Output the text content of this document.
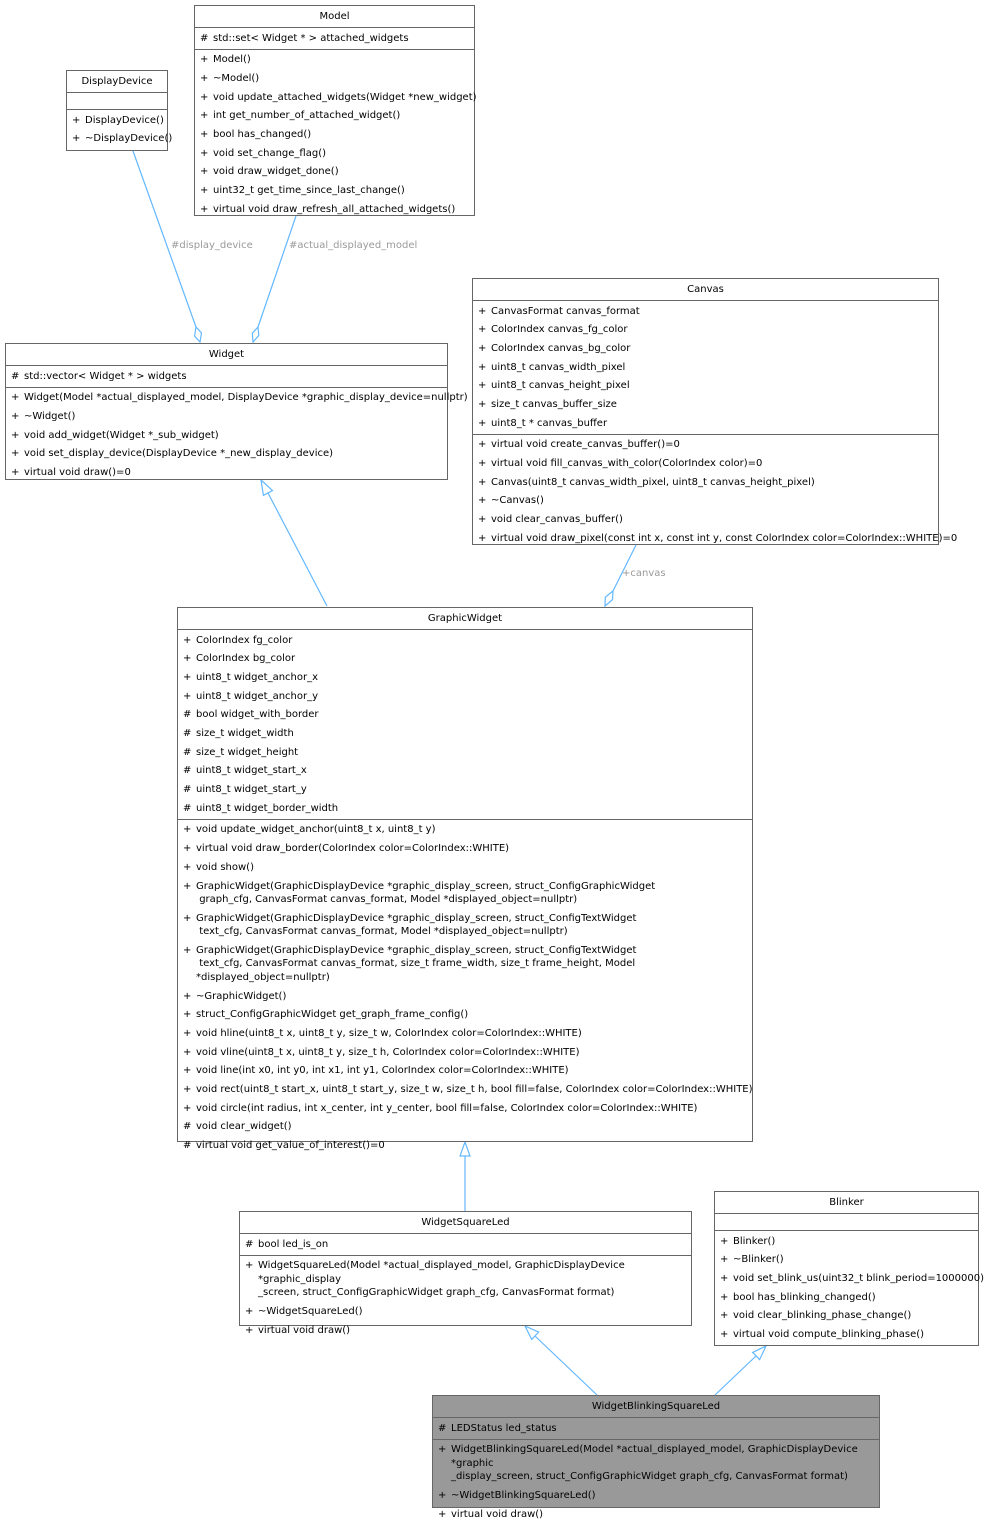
#display_device	#actual_displayed_model
+canvas
DisplayDevice
+ DisplayDevice()
+ ~DisplayDevice()
Model
# std::set< Widget * > attached_widgets
+ Model()
+ ~Model()
+ void update_attached_widgets(Widget *new_widget)
+ int get_number_of_attached_widget()
+ bool has_changed()
+ void set_change_flag()
+ void draw_widget_done()
+ uint32_t get_time_since_last_change()
+ virtual void draw_refresh_all_attached_widgets()
Canvas
+ CanvasFormat canvas_format
+ ColorIndex canvas_fg_color
+ ColorIndex canvas_bg_color
+ uint8_t canvas_width_pixel
+ uint8_t canvas_height_pixel
+ size_t canvas_buffer_size
+ uint8_t * canvas_buffer
+ virtual void create_canvas_buffer()=0
+ virtual void fill_canvas_with_color(ColorIndex color)=0
+ Canvas(uint8_t canvas_width_pixel, uint8_t canvas_height_pixel)
+ ~Canvas()
+ void clear_canvas_buffer()
+ virtual void draw_pixel(const int x, const int y, const ColorIndex color=ColorIndex::WHITE)=0
Widget
# std::vector< Widget * > widgets
+ Widget(Model *actual_displayed_model, DisplayDevice *graphic_display_device=nullptr)
+ ~Widget()
+ void add_widget(Widget *_sub_widget)
+ void set_display_device(DisplayDevice *_new_display_device)
+ virtual void draw()=0
GraphicWidget
+ ColorIndex fg_color
+ ColorIndex bg_color
+ uint8_t widget_anchor_x
+ uint8_t widget_anchor_y
# bool widget_with_border
# size_t widget_width
# size_t widget_height
# uint8_t widget_start_x
# uint8_t widget_start_y
# uint8_t widget_border_width
+ void update_widget_anchor(uint8_t x, uint8_t y)
+ virtual void draw_border(ColorIndex color=ColorIndex::WHITE)
+ void show()
+ GraphicWidget(GraphicDisplayDevice *graphic_display_screen, struct_ConfigGraphicWidget
graph_cfg, CanvasFormat canvas_format, Model *displayed_object=nullptr)
+ GraphicWidget(GraphicDisplayDevice *graphic_display_screen, struct_ConfigTextWidget
text_cfg, CanvasFormat canvas_format, Model *displayed_object=nullptr)
+ GraphicWidget(GraphicDisplayDevice *graphic_display_screen, struct_ConfigTextWidget
text_cfg, CanvasFormat canvas_format, size_t frame_width, size_t frame_height, Model *displayed_object=nullptr)
+ ~GraphicWidget()
+ struct_ConfigGraphicWidget get_graph_frame_config()
+ void hline(uint8_t x, uint8_t y, size_t w, ColorIndex color=ColorIndex::WHITE)
+ void vline(uint8_t x, uint8_t y, size_t h, ColorIndex color=ColorIndex::WHITE)
+ void line(int x0, int y0, int x1, int y1, ColorIndex color=ColorIndex::WHITE)
+ void rect(uint8_t start_x, uint8_t start_y, size_t w, size_t h, bool fill=false, ColorIndex color=ColorIndex::WHITE)
+ void circle(int radius, int x_center, int y_center, bool fill=false, ColorIndex color=ColorIndex::WHITE)
# void clear_widget()
# virtual void get_value_of_interest()=0
WidgetSquareLed
# bool led_is_on
+ WidgetSquareLed(Model *actual_displayed_model, GraphicDisplayDevice *graphic_display
_screen, struct_ConfigGraphicWidget graph_cfg, CanvasFormat format)
+ ~WidgetSquareLed()
+ virtual void draw()
Blinker
+ Blinker()
+ ~Blinker()
+ void set_blink_us(uint32_t blink_period=1000000)
+ bool has_blinking_changed()
+ void clear_blinking_phase_change()
+ virtual void compute_blinking_phase()
WidgetBlinkingSquareLed
# LEDStatus led_status
+ WidgetBlinkingSquareLed(Model *actual_displayed_model, GraphicDisplayDevice *graphic
_display_screen, struct_ConfigGraphicWidget graph_cfg, CanvasFormat format)
+ ~WidgetBlinkingSquareLed()
+ virtual void draw()
